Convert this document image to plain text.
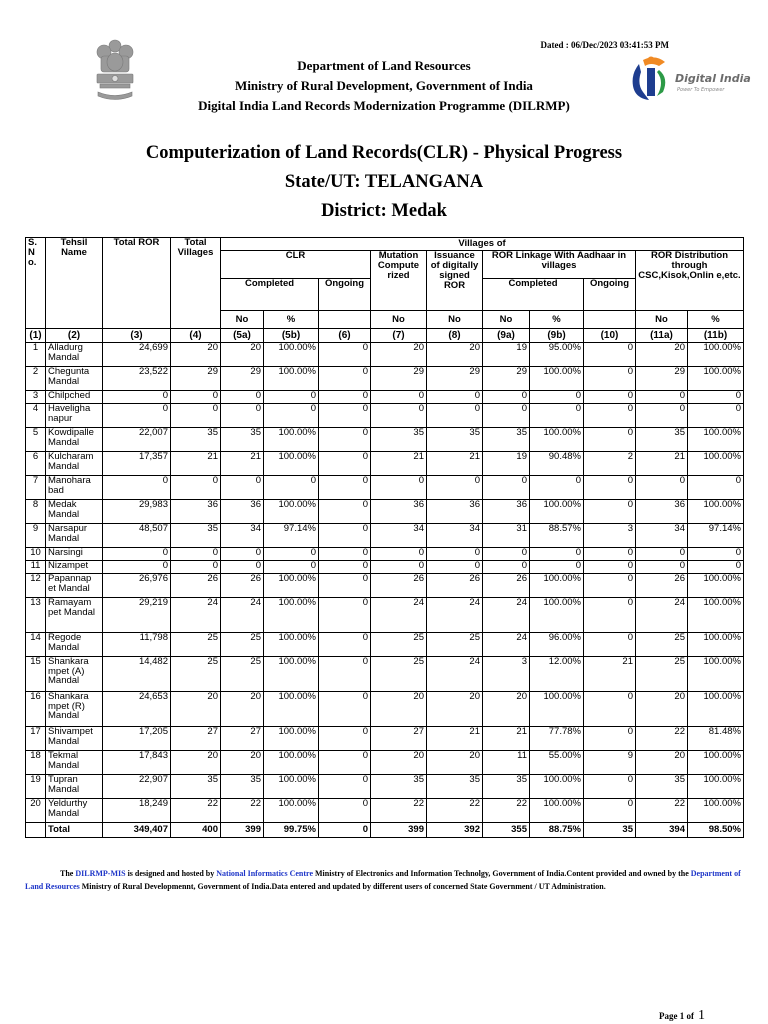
Dated : 06/Dec/2023 03:41:53 PM
Department of Land Resources
Ministry of Rural Development, Government of India
Digital India Land Records Modernization Programme (DILRMP)
Digital India
Power To Empower
Computerization of Land Records(CLR) - Physical Progress
State/UT: TELANGANA
District: Medak
S. N o.	Tehsil Name	Total ROR	Total Villages	Villages of									
				CLR			Mutation Compute rized	Issuance of digitally signed ROR	ROR Linkage With Aadhaar in villages			ROR Distribution through CSC,Kisok,Onlin e,etc.	
				Completed		Ongoing			Completed		Ongoing		
				No	%		No	No	No	%		No	%
(1)	(2)	(3)	(4)	(5a)	(5b)	(6)	(7)	(8)	(9a)	(9b)	(10)	(11a)	(11b)
1	Alladurg Mandal	24,699	20	20	100.00%	0	20	20	19	95.00%	0	20	100.00%
2	Chegunta Mandal	23,522	29	29	100.00%	0	29	29	29	100.00%	0	29	100.00%
3	Chilpched	0	0	0	0	0	0	0	0	0	0	0	0
4	Haveligha napur	0	0	0	0	0	0	0	0	0	0	0	0
5	Kowdipalle Mandal	22,007	35	35	100.00%	0	35	35	35	100.00%	0	35	100.00%
6	Kulcharam Mandal	17,357	21	21	100.00%	0	21	21	19	90.48%	2	21	100.00%
7	Manohara bad	0	0	0	0	0	0	0	0	0	0	0	0
8	Medak Mandal	29,983	36	36	100.00%	0	36	36	36	100.00%	0	36	100.00%
9	Narsapur Mandal	48,507	35	34	97.14%	0	34	34	31	88.57%	3	34	97.14%
10	Narsingi	0	0	0	0	0	0	0	0	0	0	0	0
11	Nizampet	0	0	0	0	0	0	0	0	0	0	0	0
12	Papannap et Mandal	26,976	26	26	100.00%	0	26	26	26	100.00%	0	26	100.00%
13	Ramayam pet Mandal	29,219	24	24	100.00%	0	24	24	24	100.00%	0	24	100.00%
14	Regode Mandal	11,798	25	25	100.00%	0	25	25	24	96.00%	0	25	100.00%
15	Shankara mpet (A) Mandal	14,482	25	25	100.00%	0	25	24	3	12.00%	21	25	100.00%
16	Shankara mpet (R) Mandal	24,653	20	20	100.00%	0	20	20	20	100.00%	0	20	100.00%
17	Shivampet Mandal	17,205	27	27	100.00%	0	27	21	21	77.78%	0	22	81.48%
18	Tekmal Mandal	17,843	20	20	100.00%	0	20	20	11	55.00%	9	20	100.00%
19	Tupran Mandal	22,907	35	35	100.00%	0	35	35	35	100.00%	0	35	100.00%
20	Yeldurthy Mandal	18,249	22	22	100.00%	0	22	22	22	100.00%	0	22	100.00%
	Total	349,407	400	399	99.75%	0	399	392	355	88.75%	35	394	98.50%
The DILRMP-MIS is designed and hosted by National Informatics Centre Ministry of Electronics and Information Technolgy, Government of India.Content provided and owned by the Department of Land Resources Ministry of Rural Developmennt, Government of India.Data entered and updated by different users of concerned State Government / UT Administration.
Page 1 of 1
